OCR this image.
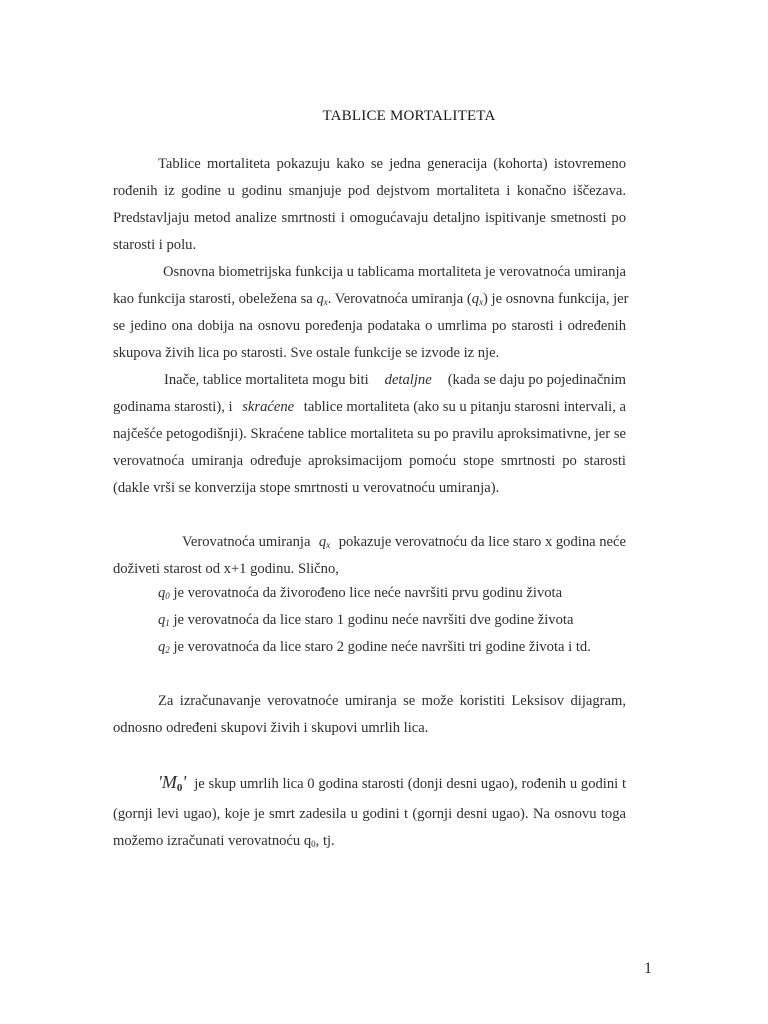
TABLICE MORTALITETA
Tablice mortaliteta pokazuju kako se jedna generacija (kohorta) istovremeno
rođenih iz godine u godinu smanjuje pod dejstvom mortaliteta i konačno iščezava.
Predstavljaju metod analize smrtnosti i omogućavaju detaljno ispitivanje smetnosti po
starosti i polu.
Osnovna biometrijska funkcija u tablicama mortaliteta je verovatnoća umiranja
kao funkcija starosti, obeležena sa $q_x$. Verovatnoća umiranja $(q_x)$ je osnovna funkcija, jer
se jedino ona dobija na osnovu poređenja podataka o umrlima po starosti i određenih
skupova živih lica po starosti. Sve ostale funkcije se izvode iz nje.
Inače, tablice mortaliteta mogu biti detaljne (kada se daju po pojedinačnim
godinama starosti), i skraćene tablice mortaliteta (ako su u pitanju starosni intervali, a
najčešće petogodišnji). Skraćene tablice mortaliteta su po pravilu aproksimativne, jer se
verovatnoća umiranja određuje aproksimacijom pomoću stope smrtnosti po starosti
(dakle vrši se konverzija stope smrtnosti u verovatnoću umiranja).
Verovatnoća umiranja $q_x$ pokazuje verovatnoću da lice staro x godina neće
doživeti starost od x+1 godinu. Slično,
$q_0$ je verovatnoća da živorođeno lice neće navršiti prvu godinu života
$q_1$ je verovatnoća da lice staro 1 godinu neće navršiti dve godine života
$q_2$ je verovatnoća da lice staro 2 godine neće navršiti tri godine života i td.
Za izračunavanje verovatnoće umiranja se može koristiti Leksisov dijagram,
odnosno određeni skupovi živih i skupovi umrlih lica.
'M0' je skup umrlih lica 0 godina starosti (donji desni ugao), rođenih u godini t
(gornji levi ugao), koje je smrt zadesila u godini t (gornji desni ugao). Na osnovu toga
možemo izračunati verovatnoću $q_0$, tj.
1
